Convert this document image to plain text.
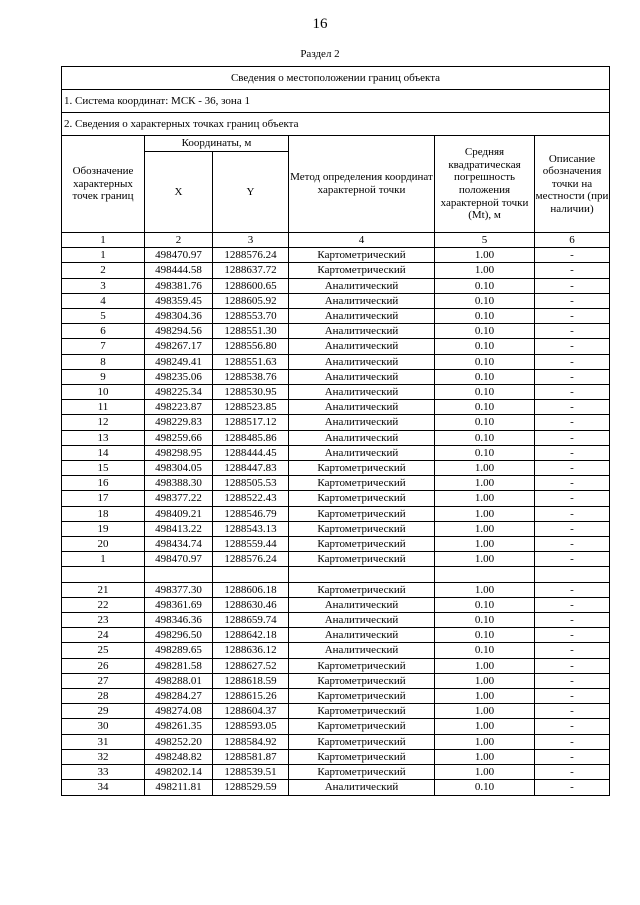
16
Раздел 2
Сведения о местоположении границ объекта					
1. Система координат: МСК - 36, зона 1					
2. Сведения о характерных точках границ объекта					
Обозначение характерных точек границ	Координаты, м		Метод определения координат характерной точки	Средняя квадратическая погрешность положения характерной точки (Mt), м	Описание обозначения точки на местности (при наличии)
	X	Y			
1	2	3	4	5	6
1	498470.97	1288576.24	Картометрический	1.00	-
2	498444.58	1288637.72	Картометрический	1.00	-
3	498381.76	1288600.65	Аналитический	0.10	-
4	498359.45	1288605.92	Аналитический	0.10	-
5	498304.36	1288553.70	Аналитический	0.10	-
6	498294.56	1288551.30	Аналитический	0.10	-
7	498267.17	1288556.80	Аналитический	0.10	-
8	498249.41	1288551.63	Аналитический	0.10	-
9	498235.06	1288538.76	Аналитический	0.10	-
10	498225.34	1288530.95	Аналитический	0.10	-
11	498223.87	1288523.85	Аналитический	0.10	-
12	498229.83	1288517.12	Аналитический	0.10	-
13	498259.66	1288485.86	Аналитический	0.10	-
14	498298.95	1288444.45	Аналитический	0.10	-
15	498304.05	1288447.83	Картометрический	1.00	-
16	498388.30	1288505.53	Картометрический	1.00	-
17	498377.22	1288522.43	Картометрический	1.00	-
18	498409.21	1288546.79	Картометрический	1.00	-
19	498413.22	1288543.13	Картометрический	1.00	-
20	498434.74	1288559.44	Картометрический	1.00	-
1	498470.97	1288576.24	Картометрический	1.00	-

21	498377.30	1288606.18	Картометрический	1.00	-
22	498361.69	1288630.46	Аналитический	0.10	-
23	498346.36	1288659.74	Аналитический	0.10	-
24	498296.50	1288642.18	Аналитический	0.10	-
25	498289.65	1288636.12	Аналитический	0.10	-
26	498281.58	1288627.52	Картометрический	1.00	-
27	498288.01	1288618.59	Картометрический	1.00	-
28	498284.27	1288615.26	Картометрический	1.00	-
29	498274.08	1288604.37	Картометрический	1.00	-
30	498261.35	1288593.05	Картометрический	1.00	-
31	498252.20	1288584.92	Картометрический	1.00	-
32	498248.82	1288581.87	Картометрический	1.00	-
33	498202.14	1288539.51	Картометрический	1.00	-
34	498211.81	1288529.59	Аналитический	0.10	-
